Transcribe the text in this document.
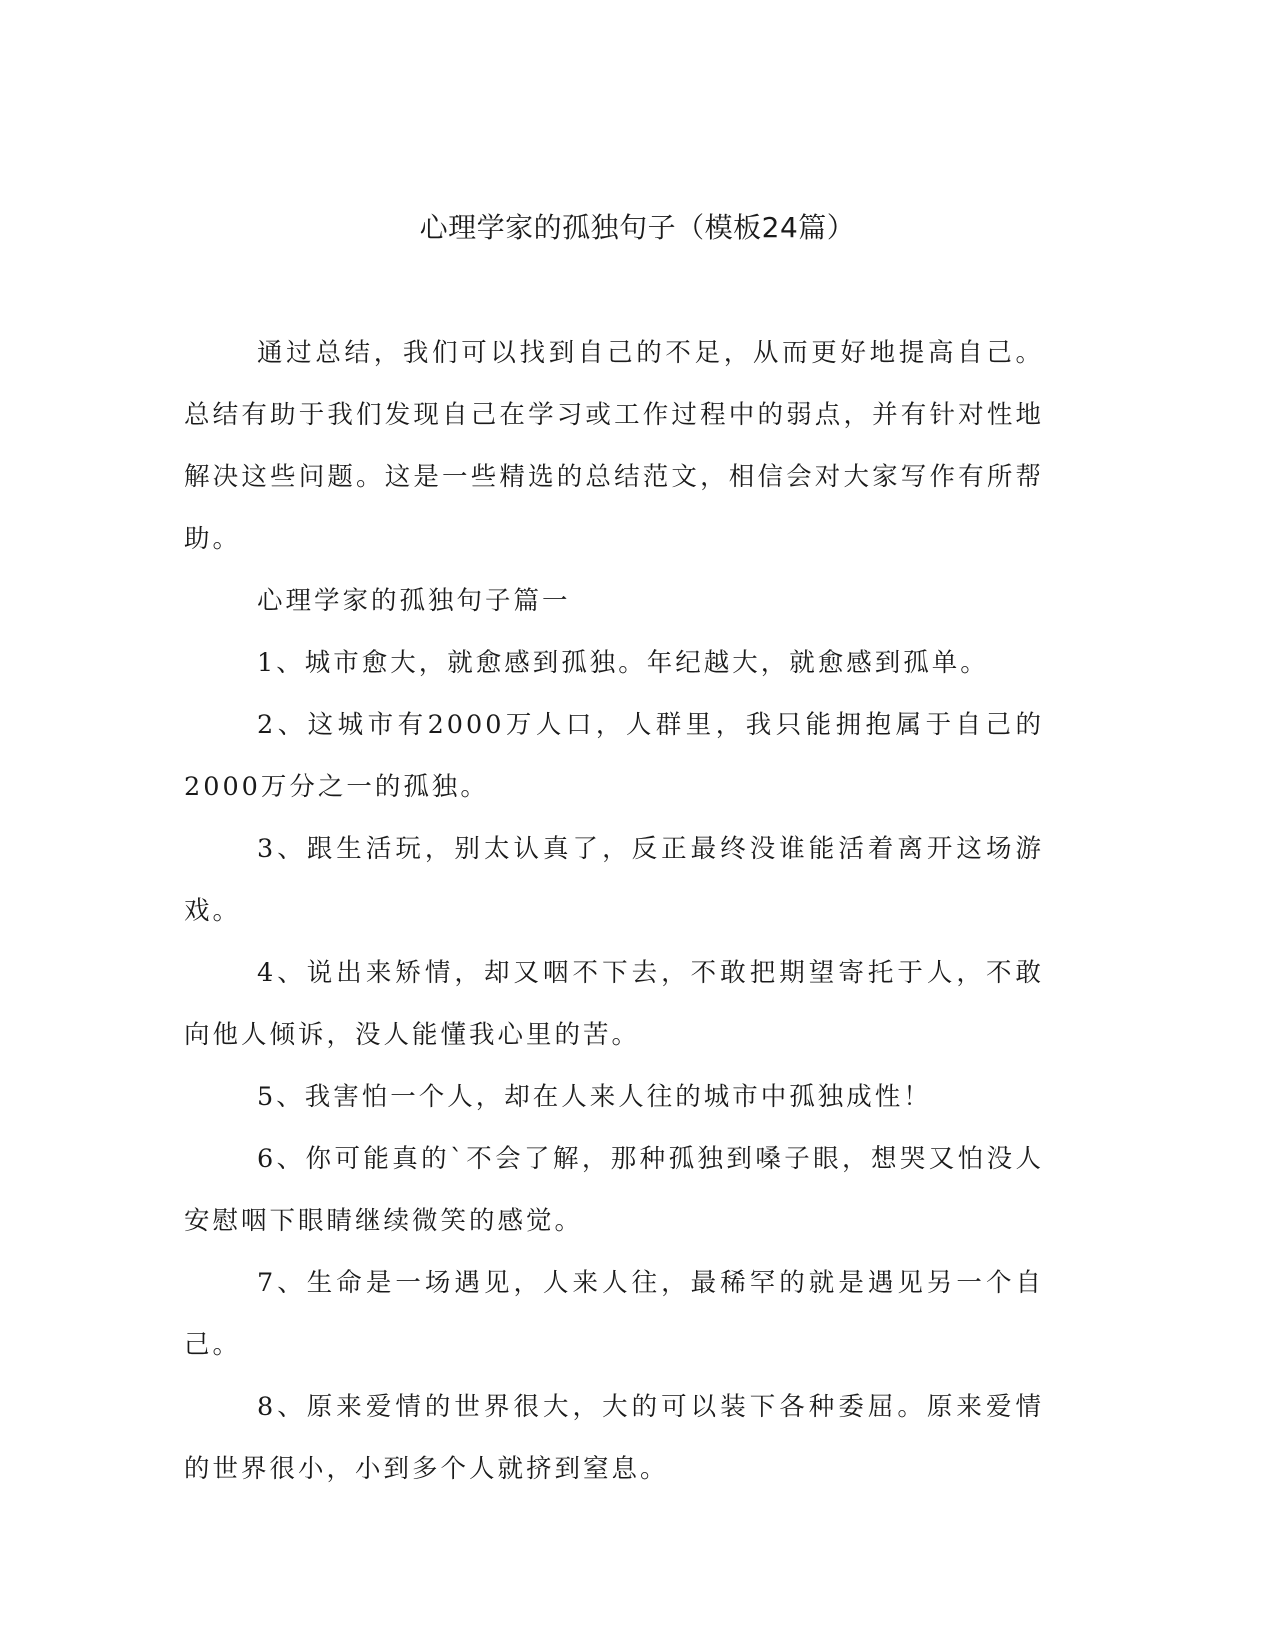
心理学家的孤独句子（模板24篇）

通过总结，我们可以找到自己的不足，从而更好地提高自己。总结有助于我们发现自己在学习或工作过程中的弱点，并有针对性地解决这些问题。这是一些精选的总结范文，相信会对大家写作有所帮助。

心理学家的孤独句子篇一

1、城市愈大，就愈感到孤独。年纪越大，就愈感到孤单。

2、这城市有2000万人口，人群里，我只能拥抱属于自己的2000万分之一的孤独。

3、跟生活玩，别太认真了，反正最终没谁能活着离开这场游戏。

4、说出来矫情，却又咽不下去，不敢把期望寄托于人，不敢向他人倾诉，没人能懂我心里的苦。

5、我害怕一个人，却在人来人往的城市中孤独成性！

6、你可能真的`不会了解，那种孤独到嗓子眼，想哭又怕没人安慰咽下眼睛继续微笑的感觉。

7、生命是一场遇见，人来人往，最稀罕的就是遇见另一个自己。

8、原来爱情的世界很大，大的可以装下各种委屈。原来爱情的世界很小，小到多个人就挤到窒息。
